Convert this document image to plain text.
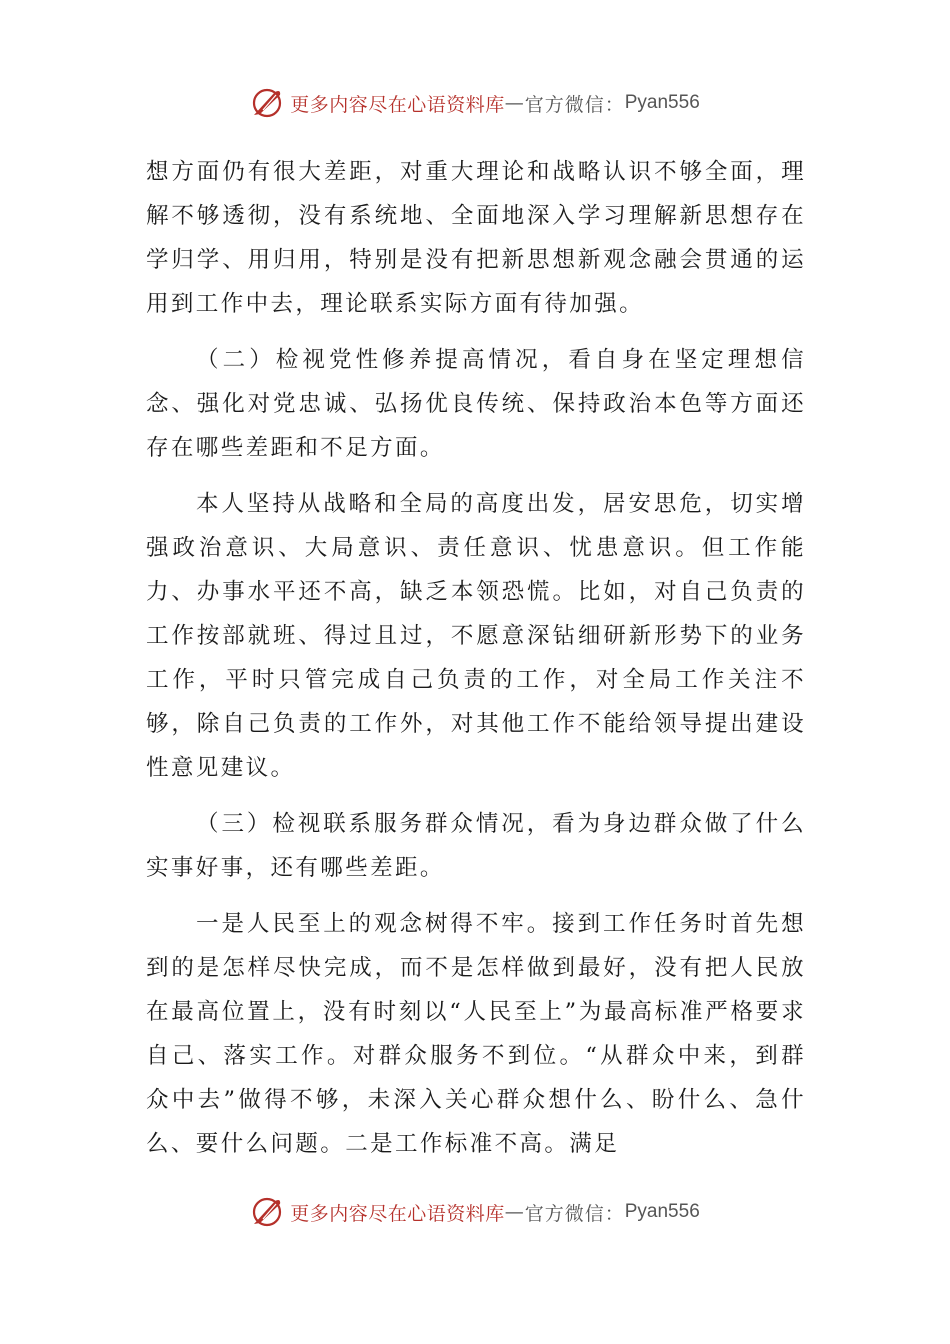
更多内容尽在心语资料库 — 官方微信： Pyan556
想方面仍有很大差距，对重大理论和战略认识不够全面，理解不够透彻，没有系统地、全面地深入学习理解新思想存在学归学、用归用，特别是没有把新思想新观念融会贯通的运用到工作中去，理论联系实际方面有待加强。
（二）检视党性修养提高情况，看自身在坚定理想信念、强化对党忠诚、弘扬优良传统、保持政治本色等方面还存在哪些差距和不足方面。
本人坚持从战略和全局的高度出发，居安思危，切实增强政治意识、大局意识、责任意识、忧患意识。但工作能力、办事水平还不高，缺乏本领恐慌。比如，对自己负责的工作按部就班、得过且过，不愿意深钻细研新形势下的业务工作，平时只管完成自己负责的工作，对全局工作关注不够，除自己负责的工作外，对其他工作不能给领导提出建设性意见建议。
（三）检视联系服务群众情况，看为身边群众做了什么实事好事，还有哪些差距。
一是人民至上的观念树得不牢。接到工作任务时首先想到的是怎样尽快完成，而不是怎样做到最好，没有把人民放在最高位置上，没有时刻以“人民至上”为最高标准严格要求自己、落实工作。对群众服务不到位。“从群众中来，到群众中去”做得不够，未深入关心群众想什么、盼什么、急什么、要什么问题。二是工作标准不高。满足
更多内容尽在心语资料库 — 官方微信： Pyan556
